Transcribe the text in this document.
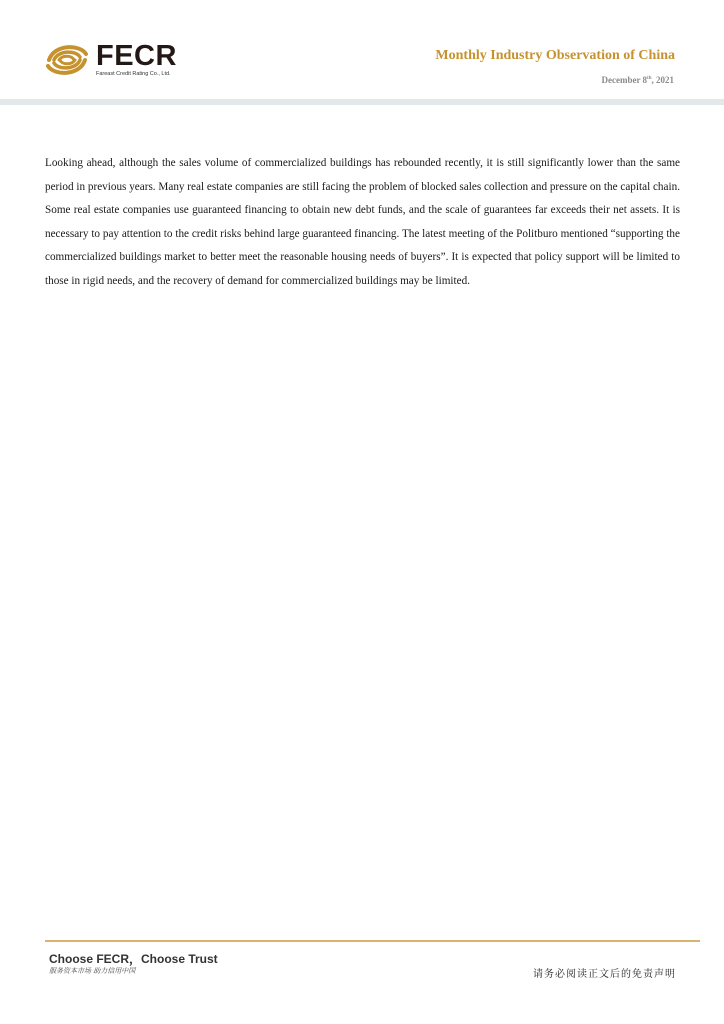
FECR
Fareast Credit Rating Co., Ltd.
Monthly Industry Observation of China
December 8th, 2021

Looking ahead, although the sales volume of commercialized buildings has rebounded recently, it is still significantly lower than the same period in previous years. Many real estate companies are still facing the problem of blocked sales collection and pressure on the capital chain. Some real estate companies use guaranteed financing to obtain new debt funds, and the scale of guarantees far exceeds their net assets. It is necessary to pay attention to the credit risks behind large guaranteed financing. The latest meeting of the Politburo mentioned “supporting the commercialized buildings market to better meet the reasonable housing needs of buyers”. It is expected that policy support will be limited to those in rigid needs, and the recovery of demand for commercialized buildings may be limited.

Choose FECR，Choose Trust
服务资本市场 助力信用中国	请务必阅读正文后的免责声明
